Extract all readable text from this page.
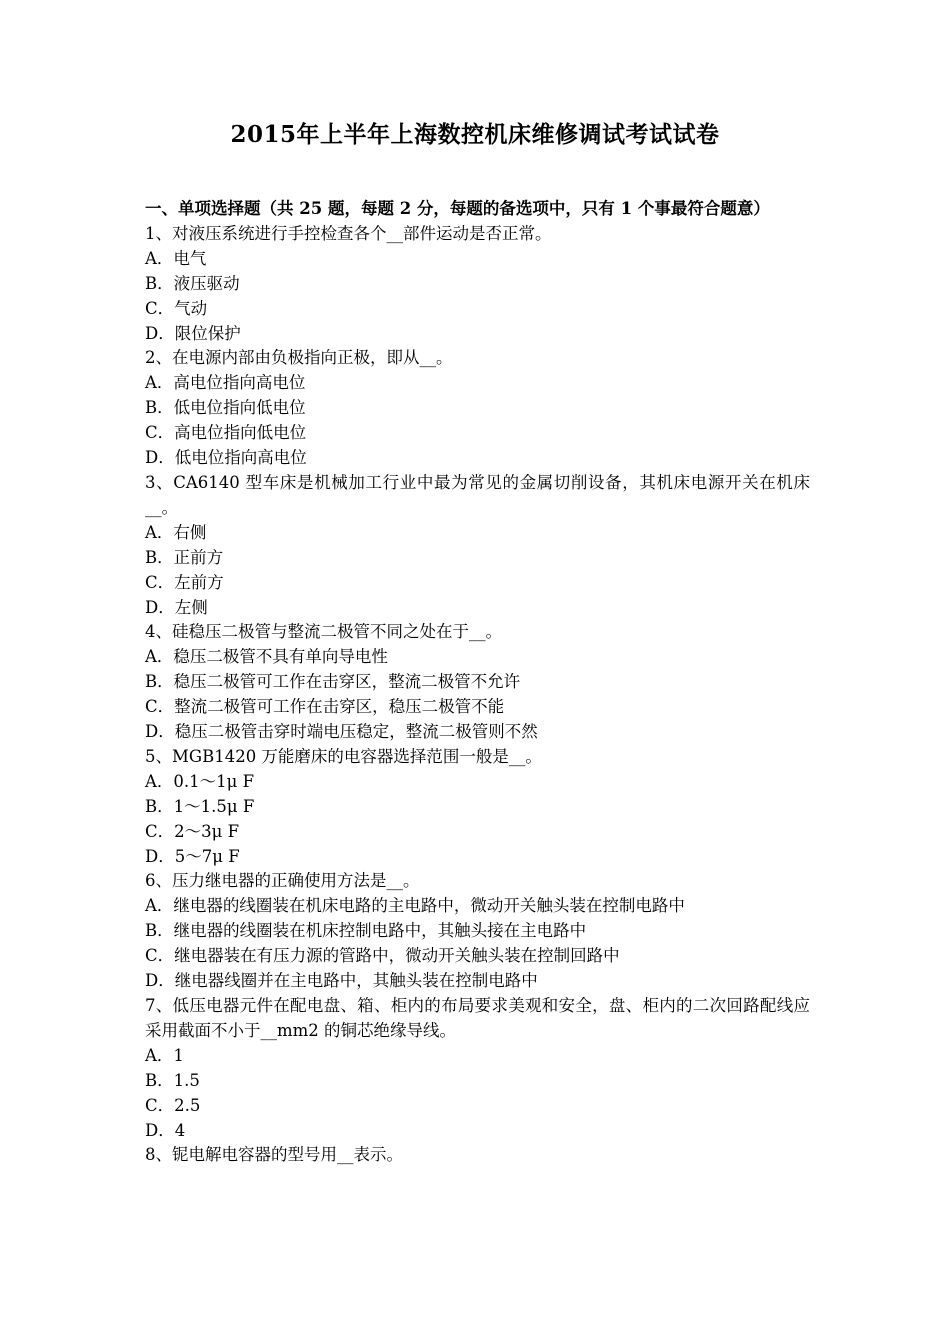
2015年上半年上海数控机床维修调试考试试卷
一、单项选择题（共 25 题，每题 2 分，每题的备选项中，只有 1 个事最符合题意）
1、对液压系统进行手控检查各个__部件运动是否正常。
A．电气
B．液压驱动
C．气动
D．限位保护
2、在电源内部由负极指向正极，即从__。
A．高电位指向高电位
B．低电位指向低电位
C．高电位指向低电位
D．低电位指向高电位
3、CA6140 型车床是机械加工行业中最为常见的金属切削设备，其机床电源开关在机床__。
A．右侧
B．正前方
C．左前方
D．左侧
4、硅稳压二极管与整流二极管不同之处在于__。
A．稳压二极管不具有单向导电性
B．稳压二极管可工作在击穿区，整流二极管不允许
C．整流二极管可工作在击穿区，稳压二极管不能
D．稳压二极管击穿时端电压稳定，整流二极管则不然
5、MGB1420 万能磨床的电容器选择范围一般是__。
A．0.1～1μ F
B．1～1.5μ F
C．2～3μ F
D．5～7μ F
6、压力继电器的正确使用方法是__。
A．继电器的线圈装在机床电路的主电路中，微动开关触头装在控制电路中
B．继电器的线圈装在机床控制电路中，其触头接在主电路中
C．继电器装在有压力源的管路中，微动开关触头装在控制回路中
D．继电器线圈并在主电路中，其触头装在控制电路中
7、低压电器元件在配电盘、箱、柜内的布局要求美观和安全，盘、柜内的二次回路配线应采用截面不小于__mm2 的铜芯绝缘导线。
A．1
B．1.5
C．2.5
D．4
8、铌电解电容器的型号用__表示。
